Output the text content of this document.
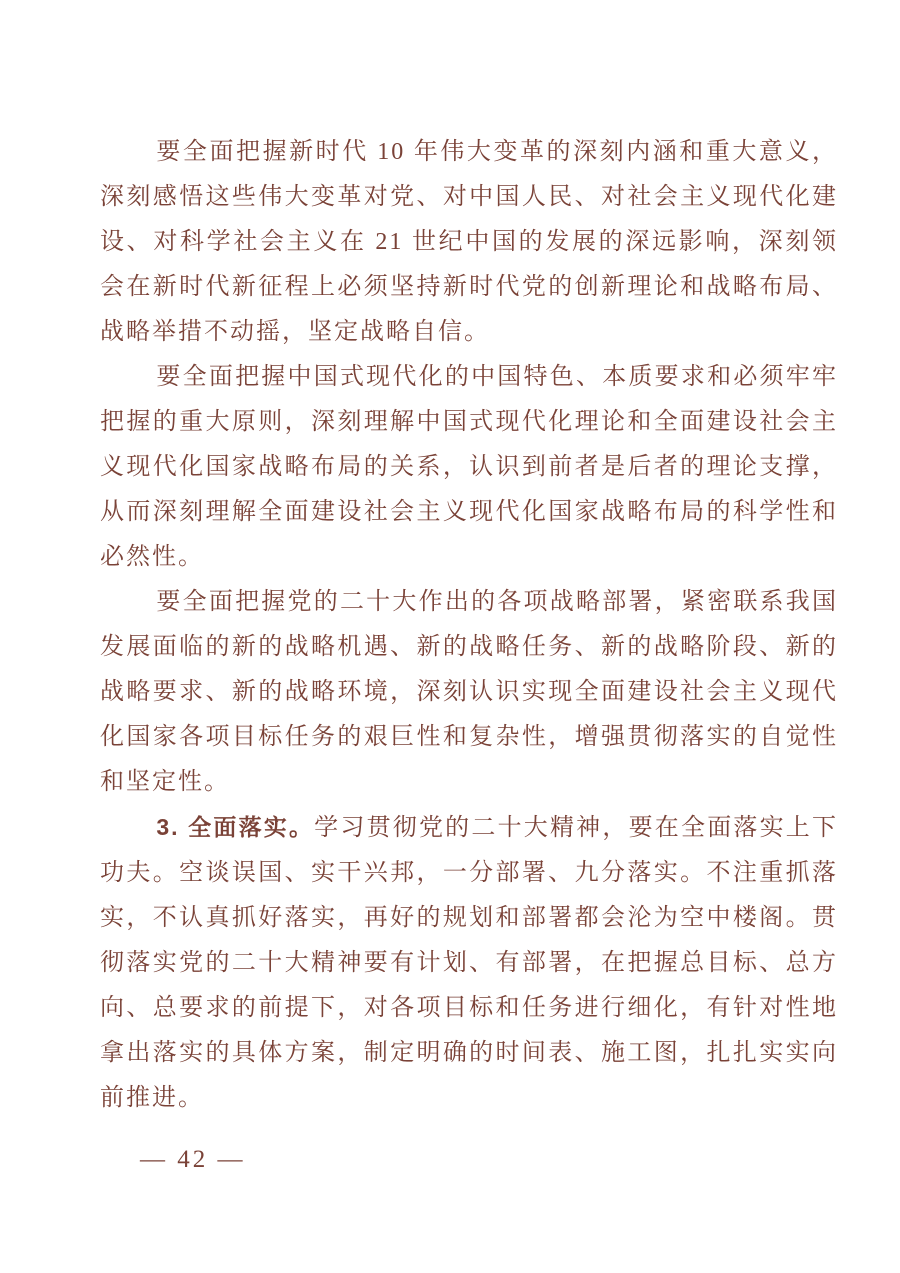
要全面把握新时代 10 年伟大变革的深刻内涵和重大意义，深刻感悟这些伟大变革对党、对中国人民、对社会主义现代化建设、对科学社会主义在 21 世纪中国的发展的深远影响，深刻领会在新时代新征程上必须坚持新时代党的创新理论和战略布局、战略举措不动摇，坚定战略自信。

要全面把握中国式现代化的中国特色、本质要求和必须牢牢把握的重大原则，深刻理解中国式现代化理论和全面建设社会主义现代化国家战略布局的关系，认识到前者是后者的理论支撑，从而深刻理解全面建设社会主义现代化国家战略布局的科学性和必然性。

要全面把握党的二十大作出的各项战略部署，紧密联系我国发展面临的新的战略机遇、新的战略任务、新的战略阶段、新的战略要求、新的战略环境，深刻认识实现全面建设社会主义现代化国家各项目标任务的艰巨性和复杂性，增强贯彻落实的自觉性和坚定性。

3. 全面落实。学习贯彻党的二十大精神，要在全面落实上下功夫。空谈误国、实干兴邦，一分部署、九分落实。不注重抓落实，不认真抓好落实，再好的规划和部署都会沦为空中楼阁。贯彻落实党的二十大精神要有计划、有部署，在把握总目标、总方向、总要求的前提下，对各项目标和任务进行细化，有针对性地拿出落实的具体方案，制定明确的时间表、施工图，扎扎实实向前推进。

— 42 —
